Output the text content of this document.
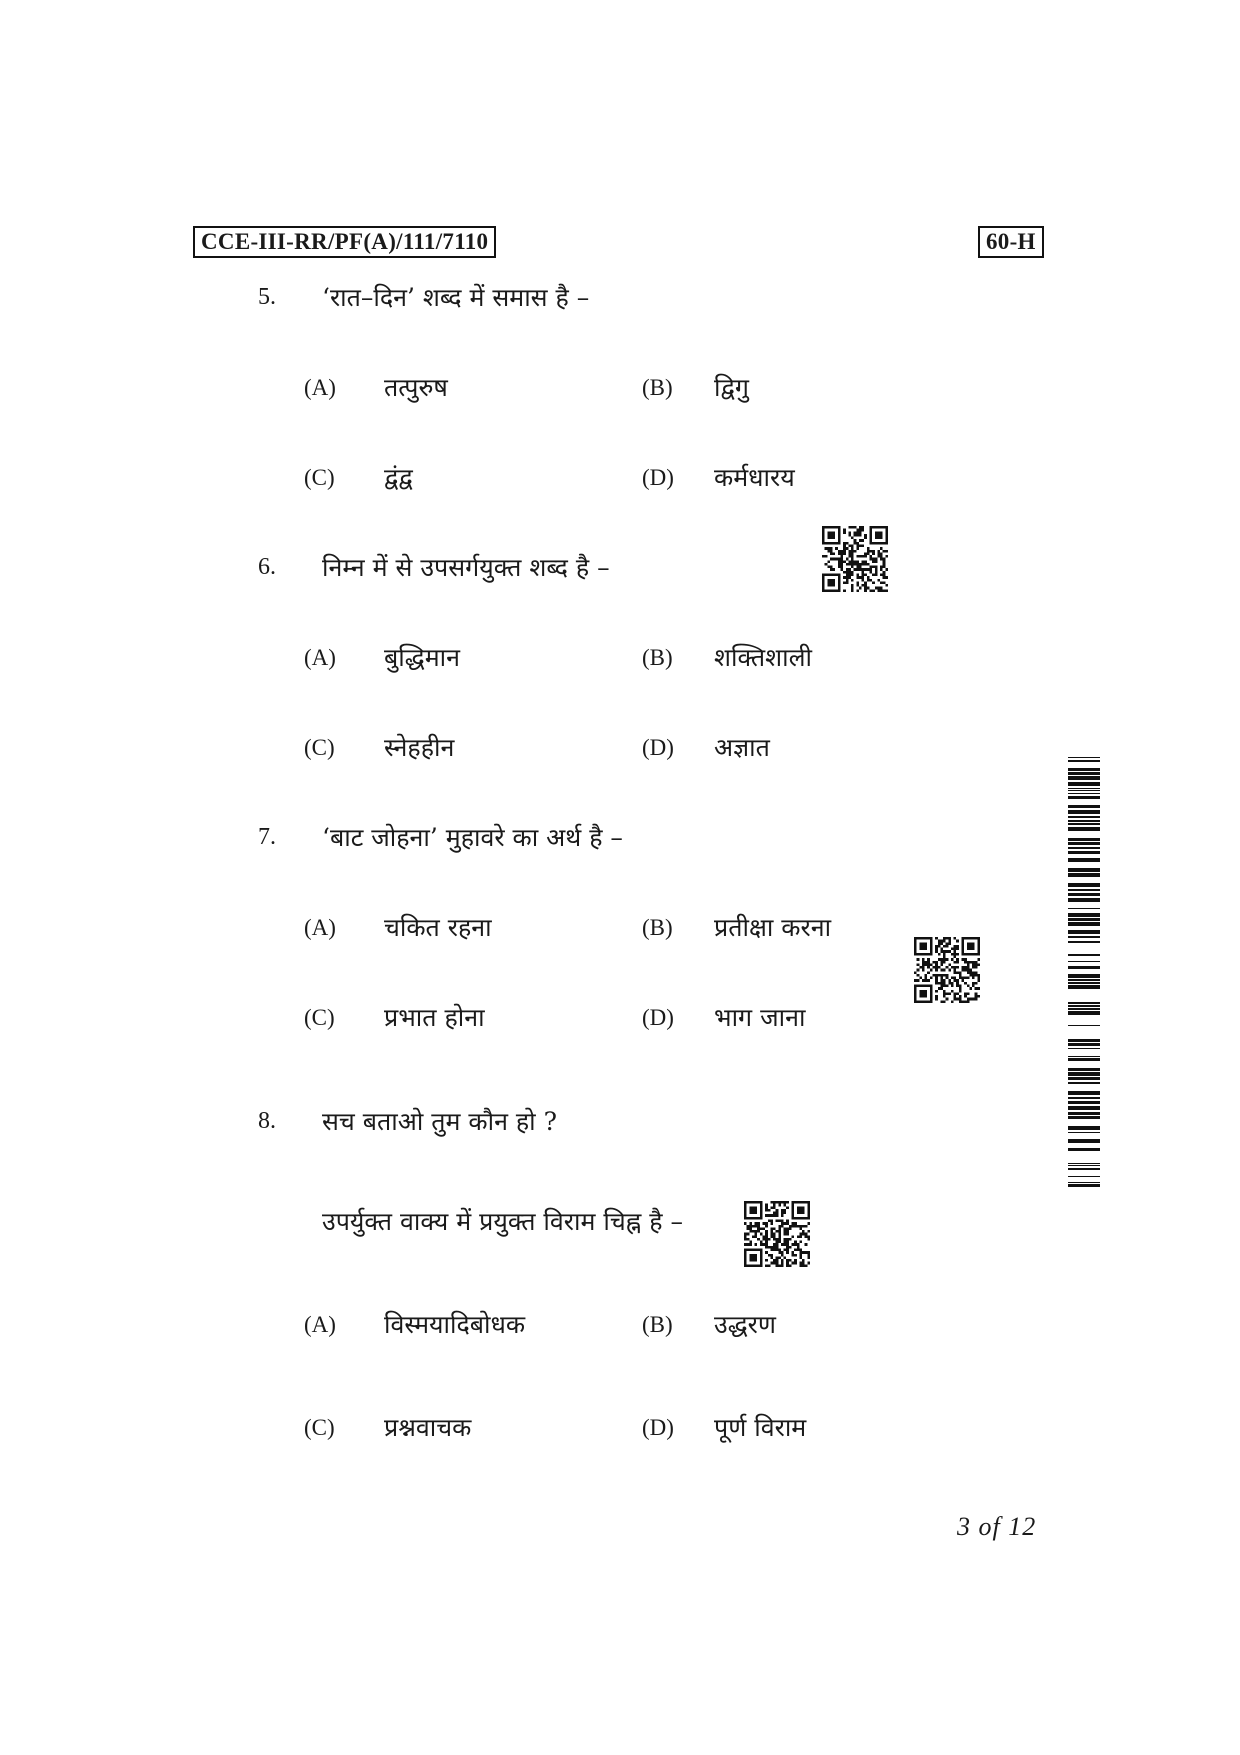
CCE-III-RR/PF(A)/111/7110	60-H
5. ‘रात–दिन’ शब्द में समास है –
(A) तत्पुरुष	(B) द्विगु
(C) द्वंद्व	(D) कर्मधारय
6. निम्न में से उपसर्गयुक्त शब्द है –
(A) बुद्धिमान	(B) शक्तिशाली
(C) स्नेहहीन	(D) अज्ञात
7. ‘बाट जोहना’ मुहावरे का अर्थ है –
(A) चकित रहना	(B) प्रतीक्षा करना
(C) प्रभात होना	(D) भाग जाना
8. सच बताओ तुम कौन हो ?
उपर्युक्त वाक्य में प्रयुक्त विराम चिह्न है –
(A) विस्मयादिबोधक	(B) उद्धरण
(C) प्रश्नवाचक	(D) पूर्ण विराम
3 of 12
